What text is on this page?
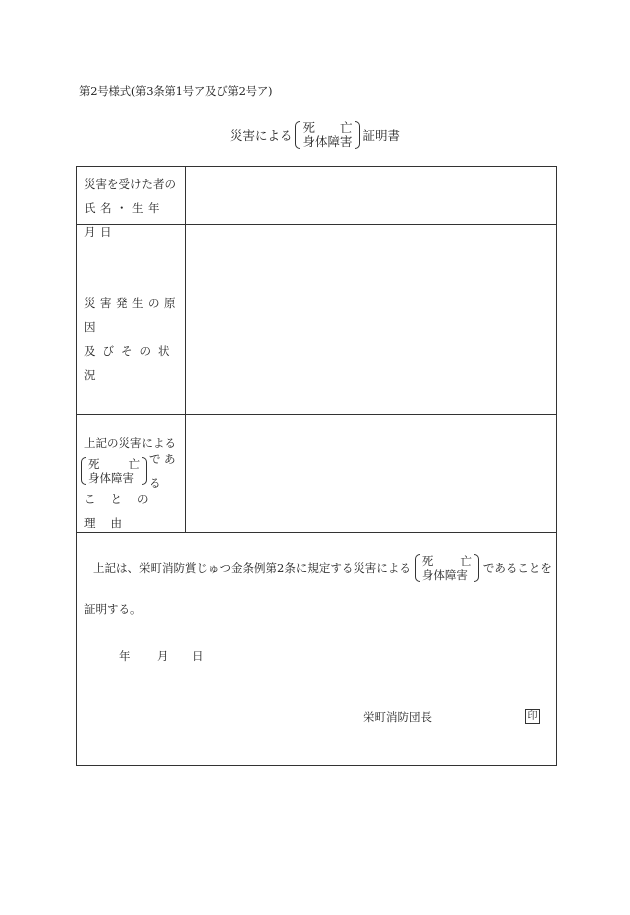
第2号様式(第3条第1号ア及び第2号ア)
災害による
死 亡
身体障害 証明書
災害を受けた者の
氏名・生年月日
災害発生の原因
及びその状況
上記の災害による
死	亡
身体障害
である
ことの理由
上記は、栄町消防賞じゅつ金条例第2条に規定する災害による 死 亡
身体障害	であることを
証明する。
年 月 日
栄町消防団長	印
